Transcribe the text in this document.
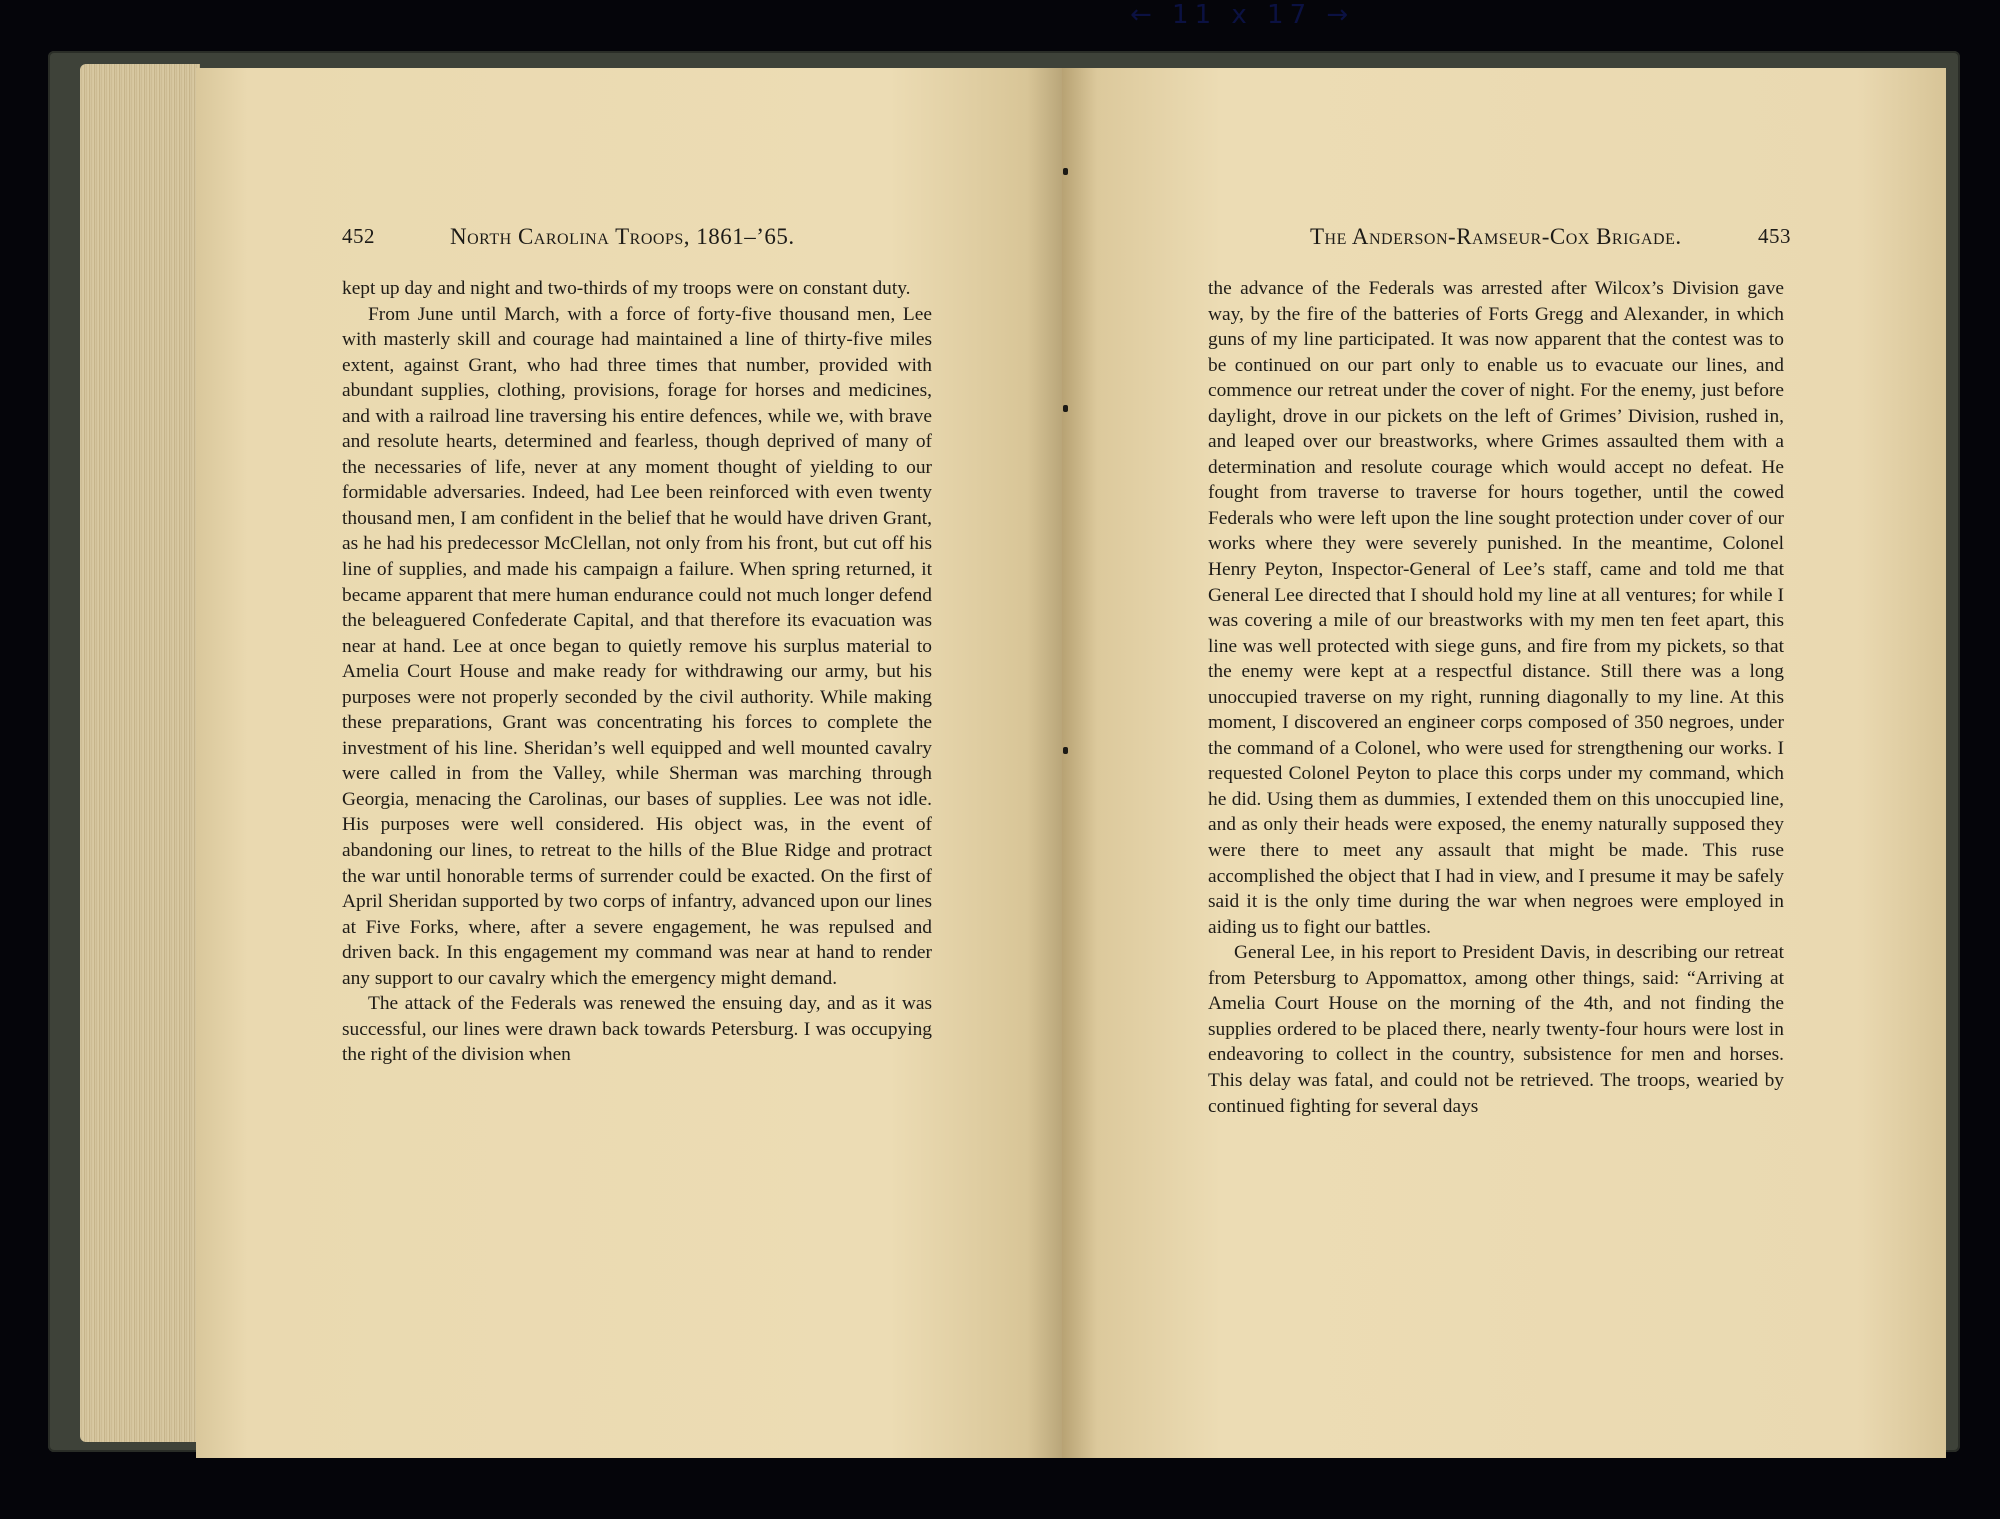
← 11 x 17 →
452	North Carolina Troops, 1861–’65.

kept up day and night and two-thirds of my troops were on constant duty.

From June until March, with a force of forty-five thousand men, Lee with masterly skill and courage had maintained a line of thirty-five miles extent, against Grant, who had three times that number, provided with abundant supplies, clothing, provisions, forage for horses and medicines, and with a railroad line traversing his entire defences, while we, with brave and resolute hearts, determined and fearless, though deprived of many of the necessaries of life, never at any moment thought of yielding to our formidable adversaries. Indeed, had Lee been reinforced with even twenty thousand men, I am confident in the belief that he would have driven Grant, as he had his predecessor McClellan, not only from his front, but cut off his line of supplies, and made his campaign a failure. When spring returned, it became apparent that mere human endurance could not much longer defend the beleaguered Confederate Capital, and that therefore its evacuation was near at hand. Lee at once began to quietly remove his surplus material to Amelia Court House and make ready for withdrawing our army, but his purposes were not properly seconded by the civil authority. While making these preparations, Grant was concentrating his forces to complete the investment of his line. Sheridan’s well equipped and well mounted cavalry were called in from the Valley, while Sherman was marching through Georgia, menacing the Carolinas, our bases of supplies. Lee was not idle. His purposes were well considered. His object was, in the event of abandoning our lines, to retreat to the hills of the Blue Ridge and protract the war until honorable terms of surrender could be exacted. On the first of April Sheridan supported by two corps of infantry, advanced upon our lines at Five Forks, where, after a severe engagement, he was repulsed and driven back. In this engagement my command was near at hand to render any support to our cavalry which the emergency might demand.

The attack of the Federals was renewed the ensuing day, and as it was successful, our lines were drawn back towards Petersburg. I was occupying the right of the division when

The Anderson-Ramseur-Cox Brigade.	453

the advance of the Federals was arrested after Wilcox’s Division gave way, by the fire of the batteries of Forts Gregg and Alexander, in which guns of my line participated. It was now apparent that the contest was to be continued on our part only to enable us to evacuate our lines, and commence our retreat under the cover of night. For the enemy, just before daylight, drove in our pickets on the left of Grimes’ Division, rushed in, and leaped over our breastworks, where Grimes assaulted them with a determination and resolute courage which would accept no defeat. He fought from traverse to traverse for hours together, until the cowed Federals who were left upon the line sought protection under cover of our works where they were severely punished. In the meantime, Colonel Henry Peyton, Inspector-General of Lee’s staff, came and told me that General Lee directed that I should hold my line at all ventures; for while I was covering a mile of our breastworks with my men ten feet apart, this line was well protected with siege guns, and fire from my pickets, so that the enemy were kept at a respectful distance. Still there was a long unoccupied traverse on my right, running diagonally to my line. At this moment, I discovered an engineer corps composed of 350 negroes, under the command of a Colonel, who were used for strengthening our works. I requested Colonel Peyton to place this corps under my command, which he did. Using them as dummies, I extended them on this unoccupied line, and as only their heads were exposed, the enemy naturally supposed they were there to meet any assault that might be made. This ruse accomplished the object that I had in view, and I presume it may be safely said it is the only time during the war when negroes were employed in aiding us to fight our battles.

General Lee, in his report to President Davis, in describing our retreat from Petersburg to Appomattox, among other things, said: “Arriving at Amelia Court House on the morning of the 4th, and not finding the supplies ordered to be placed there, nearly twenty-four hours were lost in endeavoring to collect in the country, subsistence for men and horses. This delay was fatal, and could not be retrieved. The troops, wearied by continued fighting for several days
